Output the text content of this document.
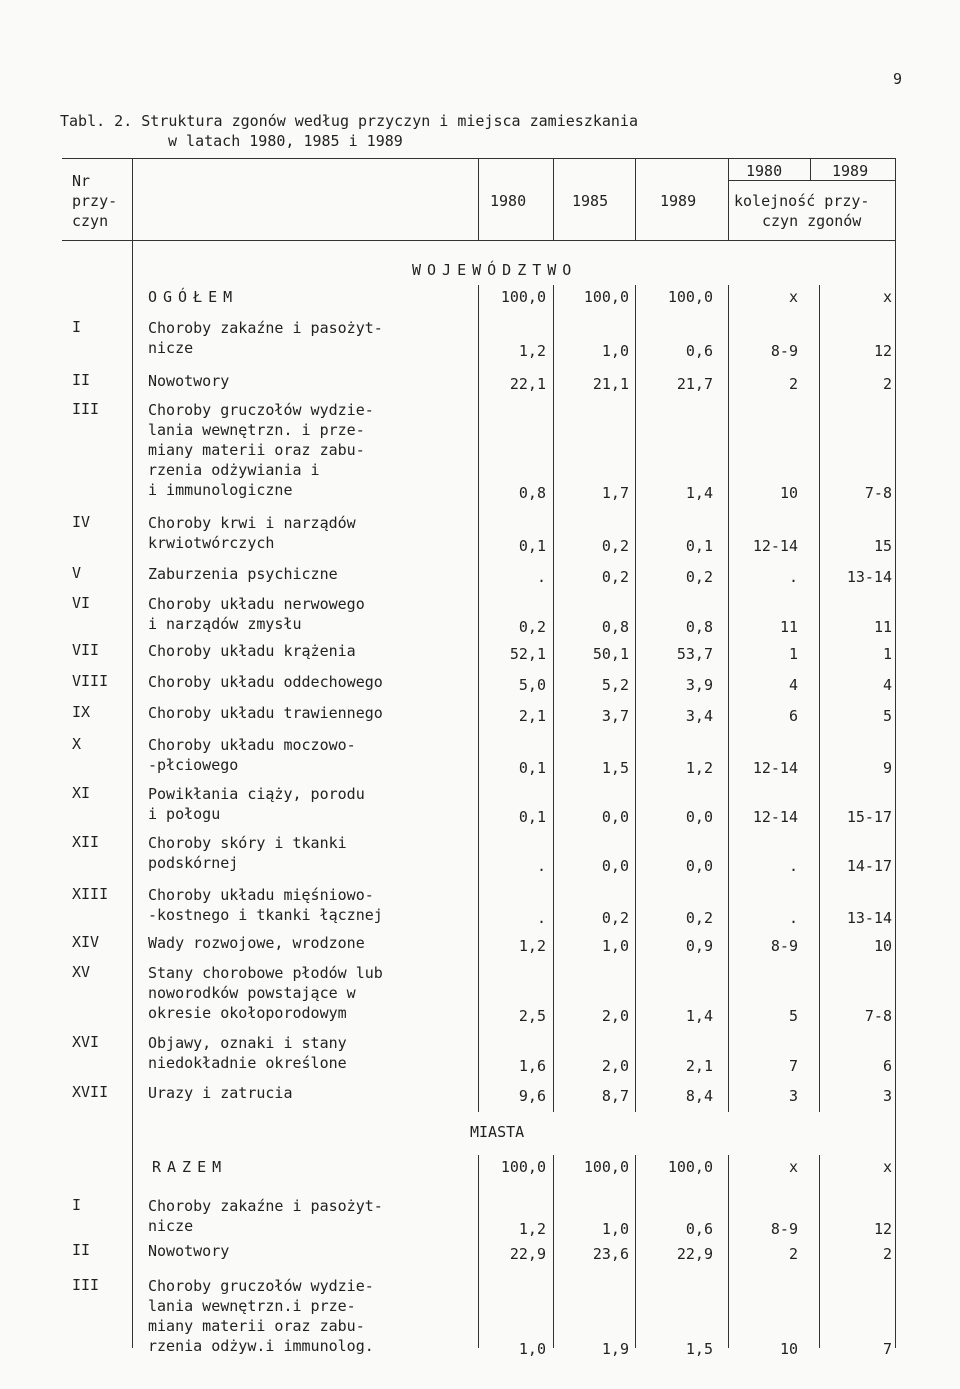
9
Tabl. 2. Struktura zgonów według przyczyn i miejsca zamieszkania
w latach 1980, 1985 i 1989
Nr
przy-
czyn
1980	1985	1989
1980	1989
kolejność przy-
czyn zgonów
WOJEWÓDZTWO
OGÓŁEM	100,0	100,0	100,0	x	x
I	Choroby zakaźne i pasożyt-
nicze	1,2	1,0	0,6	8-9	12
II	Nowotwory	22,1	21,1	21,7	2	2
III	Choroby gruczołów wydzie-
lania wewnętrzn. i prze-
miany materii oraz zabu-
rzenia odżywiania i
i immunologiczne	0,8	1,7	1,4	10	7-8
IV	Choroby krwi i narządów
krwiotwórczych	0,1	0,2	0,1	12-14	15
V	Zaburzenia psychiczne	.	0,2	0,2	.	13-14
VI	Choroby układu nerwowego
i narządów zmysłu	0,2	0,8	0,8	11	11
VII	Choroby układu krążenia	52,1	50,1	53,7	1	1
VIII	Choroby układu oddechowego	5,0	5,2	3,9	4	4
IX	Choroby układu trawiennego	2,1	3,7	3,4	6	5
X	Choroby układu moczowo-
-płciowego	0,1	1,5	1,2	12-14	9
XI	Powikłania ciąży, porodu
i połogu	0,1	0,0	0,0	12-14	15-17
XII	Choroby skóry i tkanki
podskórnej	.	0,0	0,0	.	14-17
XIII	Choroby układu mięśniowo-
-kostnego i tkanki łącznej	.	0,2	0,2	.	13-14
XIV	Wady rozwojowe, wrodzone	1,2	1,0	0,9	8-9	10
XV	Stany chorobowe płodów lub
noworodków powstające w
okresie okołoporodowym	2,5	2,0	1,4	5	7-8
XVI	Objawy, oznaki i stany
niedokładnie określone	1,6	2,0	2,1	7	6
XVII	Urazy i zatrucia	9,6	8,7	8,4	3	3
MIASTA
RAZEM	100,0	100,0	100,0	x	x
I	Choroby zakaźne i pasożyt-
nicze	1,2	1,0	0,6	8-9	12
II	Nowotwory	22,9	23,6	22,9	2	2
III	Choroby gruczołów wydzie-
lania wewnętrzn.i prze-
miany materii oraz zabu-
rzenia odżyw.i immunolog.	1,0	1,9	1,5	10	7
